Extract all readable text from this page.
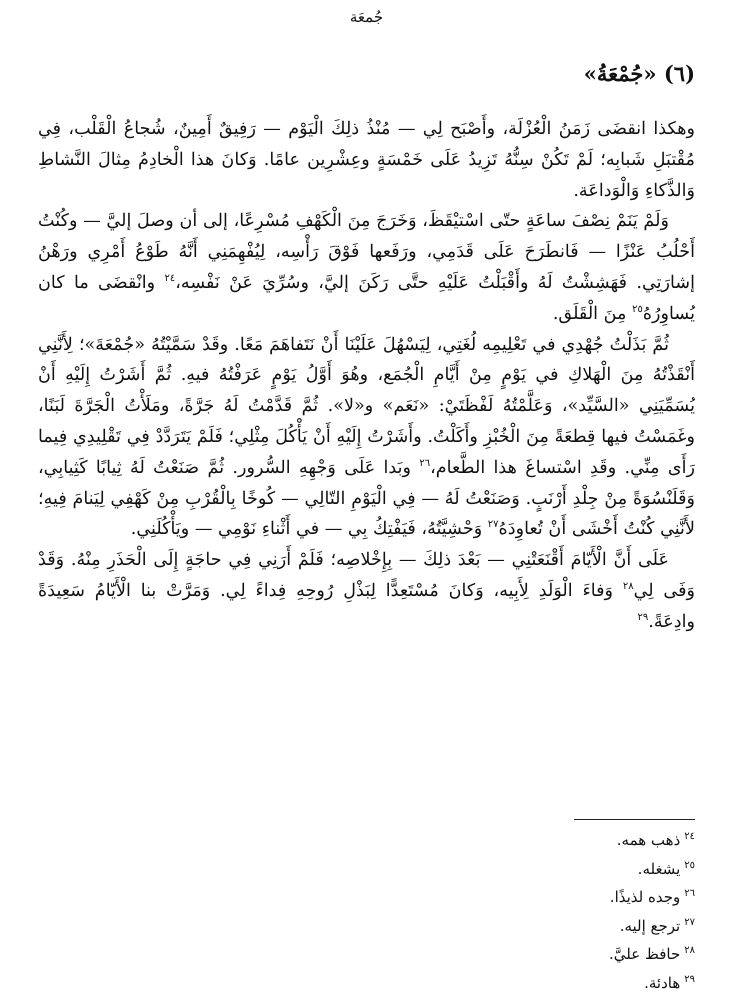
جُمعَة
(٦) «جُمْعَةُ»

وهكذا انقضَى زَمَنُ الْعُزْلَة، وأَصْبَح لِي — مُنْذُ ذلِكَ الْيَوْم — رَفِيقٌ أَمِينٌ، شُجاعُ الْقَلْب، فِي مُقْتبَلِ شَبابِه؛ لَمْ تَكُنْ سِنُّهُ تَزِيدُ عَلَى خَمْسَةٍ وعِشْرِين عامًا. وَكانَ هذا الْخادِمُ مِثالَ النَّشاطِ وَالذَّكاءِ وَالْوَداعَة.

وَلَمْ يَنَمْ نِصْفَ ساعَةٍ حتّى اسْتيْقَظَ، وَخَرَجَ مِنَ الْكَهْفِ مُسْرِعًا، إلى أن وصلَ إليَّ — وكُنْتُ أَحْلُبُ عَنْزًا — فَانطَرَحَ عَلَى قَدَمِي، ورَفَعها فَوْقَ رَأْسِه، لِيُفْهِمَنِي أَنَّهُ طَوْعُ أَمْرِي ورَهْنُ إشارَتِي. فَهَشِشْتُ لَهُ وأَقْبَلْتُ عَلَيْهِ حتَّى رَكَنَ إليَّ، وسُرِّيَ عَنْ نَفْسِه،$^{٢٤}$ وانْقضَى ما كان يُساوِرُهُ$^{٢٥}$ مِنَ الْقَلَق.

ثُمَّ بَذَلْتُ جُهْدِي في تَعْلِيمِه لُغَتِي، لِيَسْهُلَ عَلَيْنَا أَنْ نَتَفاهَمَ مَعًا. وقَدْ سَمَّيْتُهُ «جُمْعَةَ»؛ لِأَنَّنِي أَنْقَذْتُهُ مِنَ الْهَلاكِ في يَوْمٍ مِنْ أَيَّامِ الْجُمَع، وهُوَ أَوَّلُ يَوْمٍ عَرَفْتُهُ فيهِ. ثُمَّ أَشَرْتُ إِلَيْهِ أَنْ يُسَمِّيَنِي «السَّيِّد»، وَعَلَّمْتُهُ لَفْظَتَيْ: «نَعَم» و«لا». ثُمَّ قَدَّمْتُ لَهُ جَرَّةً، ومَلَأْتُ الْجَرَّةَ لَبَنًا، وغَمَسْتُ فيها قِطعَةً مِنَ الْخُبْزِ وأَكَلْتُ. وأَشَرْتُ إِلَيْهِ أَنْ يَأْكُلَ مِثْلِي؛ فَلَمْ يَتَرَدَّدْ فِي تَقْلِيدِي فِيما رَأَى مِنِّي. وقَدِ اسْتساغَ هذا الطَّعام،$^{٢٦}$ وبَدا عَلَى وَجْهِهِ السُّرور. ثُمَّ صَنَعْتُ لَهُ ثِيابًا كَثِيابِي، وَقَلَنْسُوَةً مِنْ جِلْدِ أَرْنَبٍ. وَصَنَعْتُ لَهُ — فِي الْيَوْمِ التّالِي — كُوخًا بِالْقُرْبِ مِنْ كَهْفِي لِيَنامَ فِيهِ؛ لأَنَّنِي كُنْتُ أَخْشَى أَنْ تُعاوِدَهُ$^{٢٧}$ وَحْشِيَّتُهُ، فَيَفْتِكُ بِي — في أَثْناءِ نَوْمِي — ويَأْكُلَنِي.

عَلَى أَنَّ الْأَيّامَ أَقْنَعَتْنِي — بَعْدَ ذلِكَ — بِإِخْلاصِه؛ فَلَمْ أَرَنِي فِي حاجَةٍ إِلَى الْحَذَرِ مِنْهُ. وَقَدْ وَفَى لِي$^{٢٨}$ وَفاءَ الْوَلَدِ لِأَبِيه، وَكانَ مُسْتَعِدًّا لِبَذْلِ رُوحِهِ فِداءً لِي. وَمَرَّتْ بنا الْأَيّامُ سَعِيدَةً وادِعَةً.$^{٢٩}$

$^{٢٤}$ذهب همه.
$^{٢٥}$يشغله.
$^{٢٦}$وجده لذيذًا.
$^{٢٧}$ترجع إليه.
$^{٢٨}$حافظ عليَّ.
$^{٢٩}$هادئة.
